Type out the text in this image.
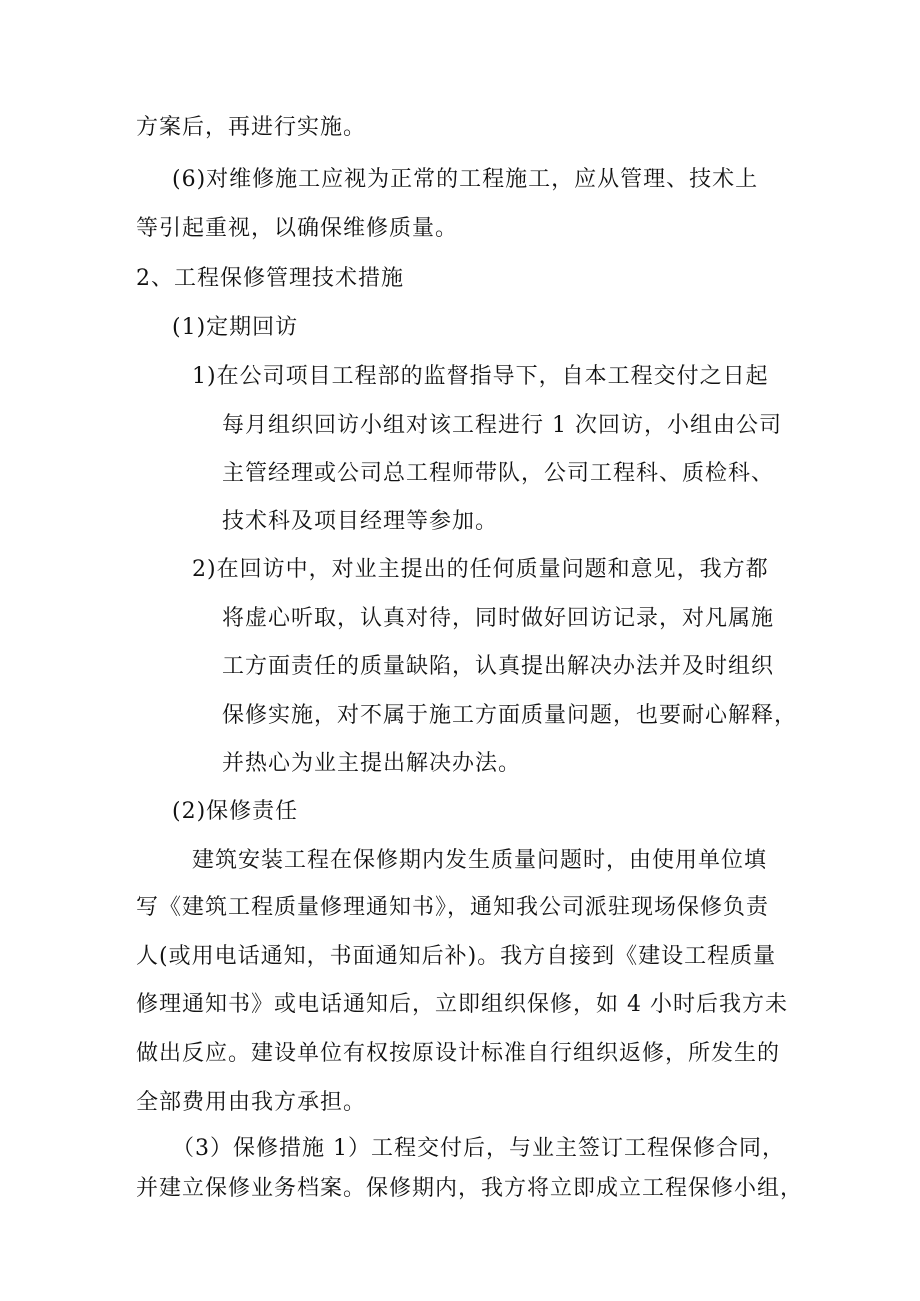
方案后，再进行实施。
(6)对维修施工应视为正常的工程施工，应从管理、技术上
等引起重视，以确保维修质量。
2、工程保修管理技术措施
(1)定期回访
1)在公司项目工程部的监督指导下，自本工程交付之日起
每月组织回访小组对该工程进行 1 次回访，小组由公司
主管经理或公司总工程师带队，公司工程科、质检科、
技术科及项目经理等参加。
2)在回访中，对业主提出的任何质量问题和意见，我方都
将虚心听取，认真对待，同时做好回访记录，对凡属施
工方面责任的质量缺陷，认真提出解决办法并及时组织
保修实施，对不属于施工方面质量问题，也要耐心解释，
并热心为业主提出解决办法。
(2)保修责任
建筑安装工程在保修期内发生质量问题时，由使用单位填
写《建筑工程质量修理通知书》，通知我公司派驻现场保修负责
人(或用电话通知，书面通知后补)。我方自接到《建设工程质量
修理通知书》或电话通知后，立即组织保修，如 4 小时后我方未
做出反应。建设单位有权按原设计标准自行组织返修，所发生的
全部费用由我方承担。
（3）保修措施 1）工程交付后，与业主签订工程保修合同，
并建立保修业务档案。保修期内，我方将立即成立工程保修小组，
